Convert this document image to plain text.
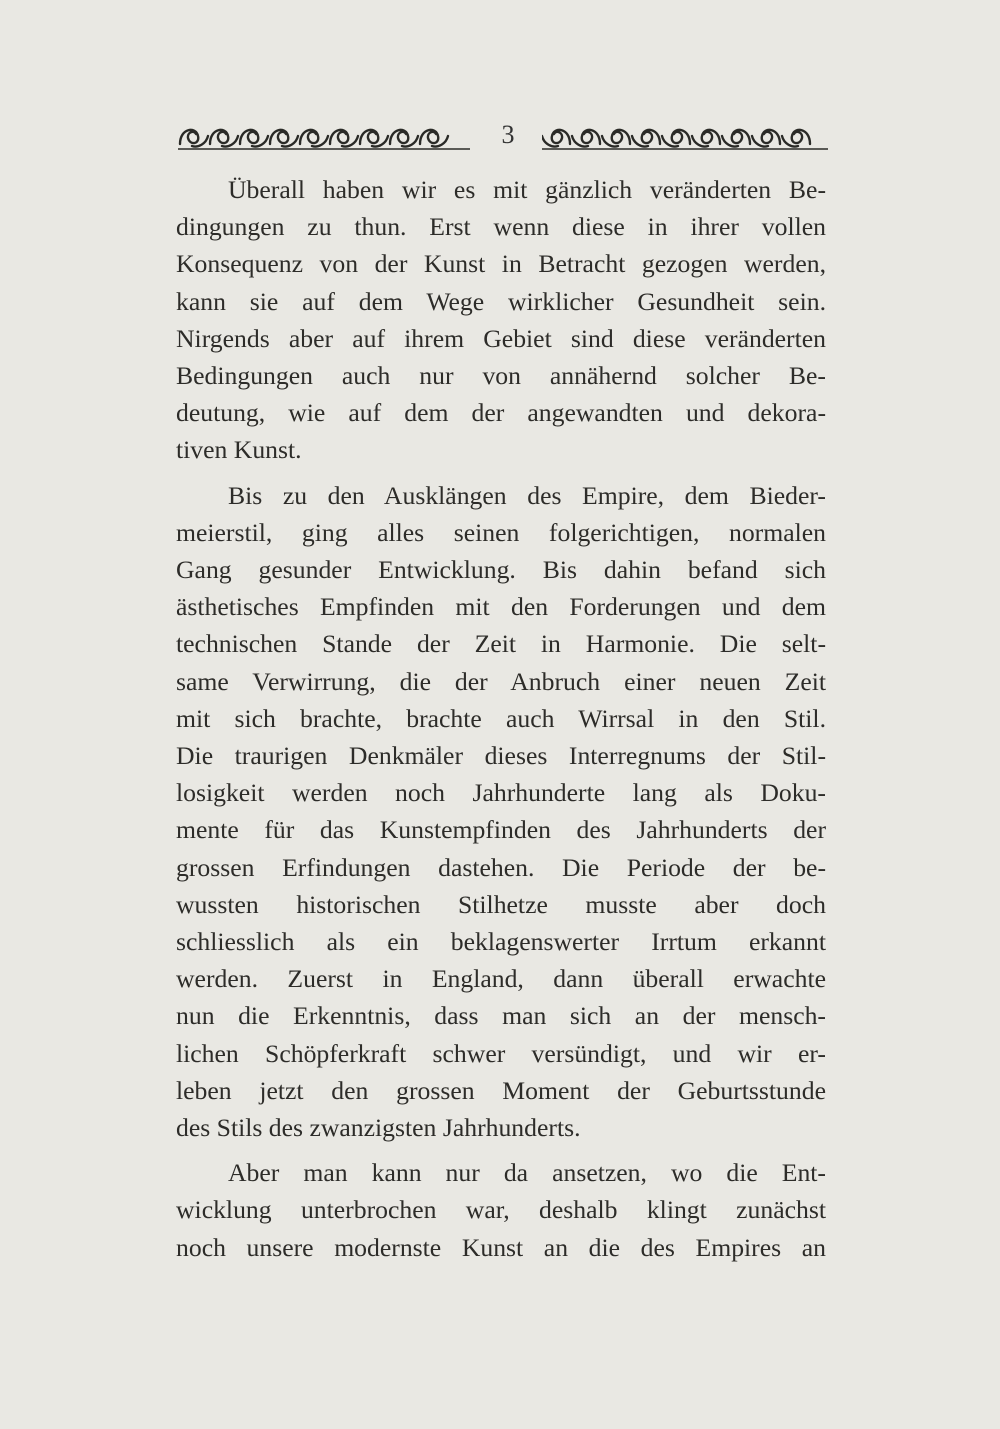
3
Überall haben wir es mit gänzlich veränderten Be-
dingungen zu thun. Erst wenn diese in ihrer vollen
Konsequenz von der Kunst in Betracht gezogen werden,
kann sie auf dem Wege wirklicher Gesundheit sein.
Nirgends aber auf ihrem Gebiet sind diese veränderten
Bedingungen auch nur von annähernd solcher Be-
deutung, wie auf dem der angewandten und dekora-
tiven Kunst.
Bis zu den Ausklängen des Empire, dem Bieder-
meierstil, ging alles seinen folgerichtigen, normalen
Gang gesunder Entwicklung. Bis dahin befand sich
ästhetisches Empfinden mit den Forderungen und dem
technischen Stande der Zeit in Harmonie. Die selt-
same Verwirrung, die der Anbruch einer neuen Zeit
mit sich brachte, brachte auch Wirrsal in den Stil.
Die traurigen Denkmäler dieses Interregnums der Stil-
losigkeit werden noch Jahrhunderte lang als Doku-
mente für das Kunstempfinden des Jahrhunderts der
grossen Erfindungen dastehen. Die Periode der be-
wussten historischen Stilhetze musste aber doch
schliesslich als ein beklagenswerter Irrtum erkannt
werden. Zuerst in England, dann überall erwachte
nun die Erkenntnis, dass man sich an der mensch-
lichen Schöpferkraft schwer versündigt, und wir er-
leben jetzt den grossen Moment der Geburtsstunde
des Stils des zwanzigsten Jahrhunderts.
Aber man kann nur da ansetzen, wo die Ent-
wicklung unterbrochen war, deshalb klingt zunächst
noch unsere modernste Kunst an die des Empires an
